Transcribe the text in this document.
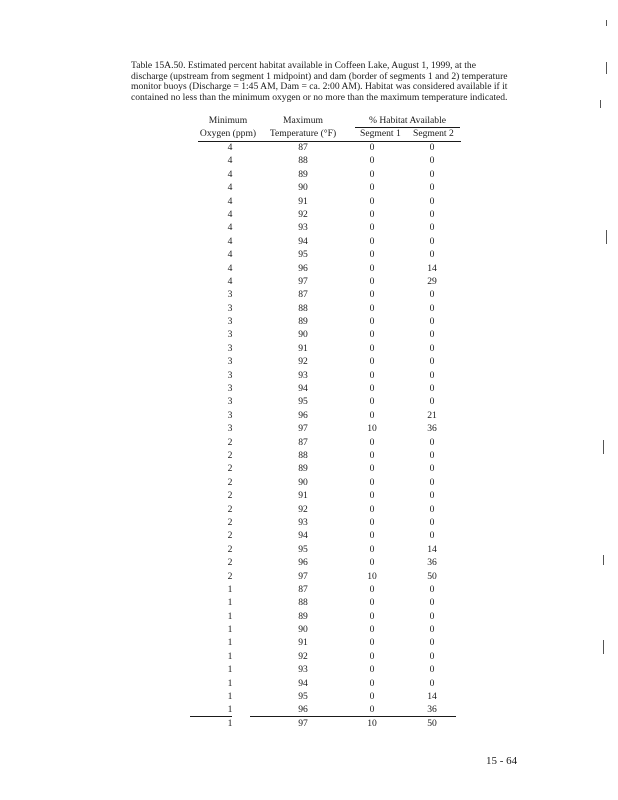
Table 15A.50. Estimated percent habitat available in Coffeen Lake, August 1, 1999, at the
discharge (upstream from segment 1 midpoint) and dam (border of segments 1 and 2) temperature
monitor buoys (Discharge = 1:45 AM, Dam = ca. 2:00 AM). Habitat was considered available if it
contained no less than the minimum oxygen or no more than the maximum temperature indicated.
Minimum	Maximum	% Habitat Available
Oxygen (ppm)	Temperature (°F)	Segment 1 Segment 2
4	87	0	0
4	88	0	0
4	89	0	0
4	90	0	0
4	91	0	0
4	92	0	0
4	93	0	0
4	94	0	0
4	95	0	0
4	96	0	14
4	97	0	29
3	87	0	0
3	88	0	0
3	89	0	0
3	90	0	0
3	91	0	0
3	92	0	0
3	93	0	0
3	94	0	0
3	95	0	0
3	96	0	21
3	97	10	36
2	87	0	0
2	88	0	0
2	89	0	0
2	90	0	0
2	91	0	0
2	92	0	0
2	93	0	0
2	94	0	0
2	95	0	14
2	96	0	36
2	97	10	50
1	87	0	0
1	88	0	0
1	89	0	0
1	90	0	0
1	91	0	0
1	92	0	0
1	93	0	0
1	94	0	0
1	95	0	14
1	96	0	36
1	97	10	50
15 - 64
